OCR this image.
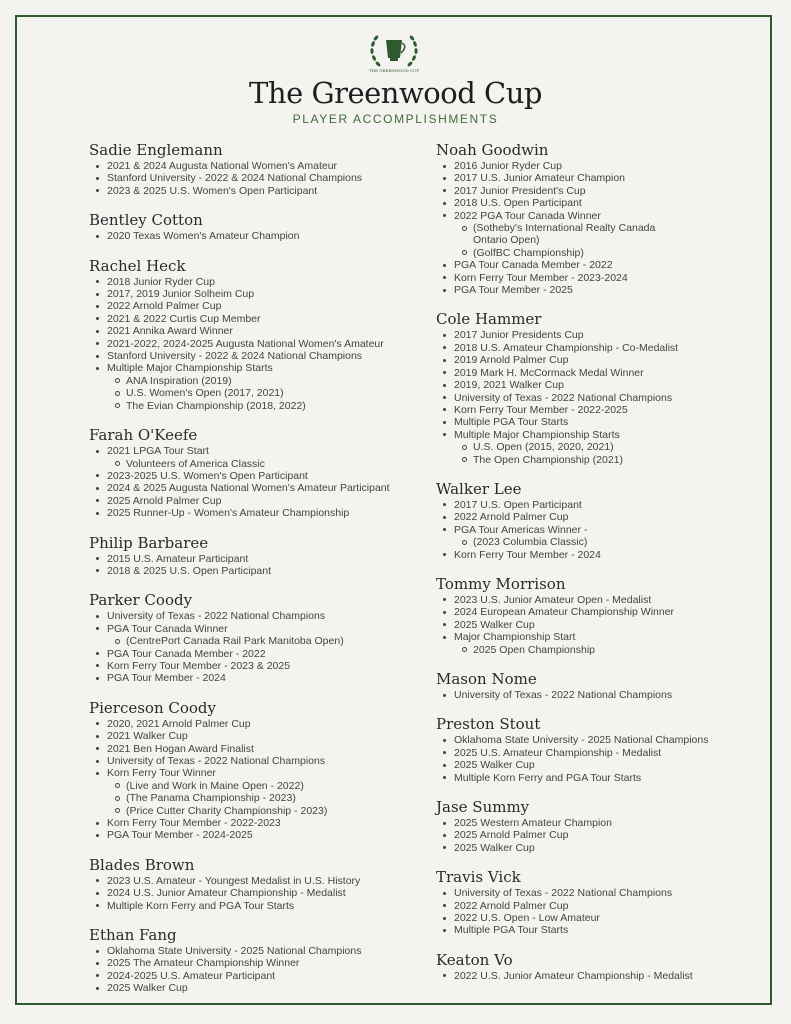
THE GREENWOOD CUP
The Greenwood Cup
PLAYER ACCOMPLISHMENTS
Sadie Englemann
2021 & 2024 Augusta National Women's Amateur
Stanford University - 2022 & 2024 National Champions
2023 & 2025 U.S. Women's Open Participant
Bentley Cotton
2020 Texas Women's Amateur Champion
Rachel Heck
2018 Junior Ryder Cup
2017, 2019 Junior Solheim Cup
2022 Arnold Palmer Cup
2021 & 2022 Curtis Cup Member
2021 Annika Award Winner
2021-2022, 2024-2025 Augusta National Women's Amateur
Stanford University - 2022 & 2024 National Champions
Multiple Major Championship Starts
ANA Inspiration (2019)
U.S. Women's Open (2017, 2021)
The Evian Championship (2018, 2022)
Farah O'Keefe
2021 LPGA Tour Start
Volunteers of America Classic
2023-2025 U.S. Women's Open Participant
2024 & 2025 Augusta National Women's Amateur Participant
2025 Arnold Palmer Cup
2025 Runner-Up - Women's Amateur Championship
Philip Barbaree
2015 U.S. Amateur Participant
2018 & 2025 U.S. Open Participant
Parker Coody
University of Texas - 2022 National Champions
PGA Tour Canada Winner
(CentrePort Canada Rail Park Manitoba Open)
PGA Tour Canada Member - 2022
Korn Ferry Tour Member - 2023 & 2025
PGA Tour Member - 2024
Pierceson Coody
2020, 2021 Arnold Palmer Cup
2021 Walker Cup
2021 Ben Hogan Award Finalist
University of Texas - 2022 National Champions
Korn Ferry Tour Winner
(Live and Work in Maine Open - 2022)
(The Panama Championship - 2023)
(Price Cutter Charity Championship - 2023)
Korn Ferry Tour Member - 2022-2023
PGA Tour Member - 2024-2025
Blades Brown
2023 U.S. Amateur - Youngest Medalist in U.S. History
2024 U.S. Junior Amateur Championship - Medalist
Multiple Korn Ferry and PGA Tour Starts
Ethan Fang
Oklahoma State University - 2025 National Champions
2025 The Amateur Championship Winner
2024-2025 U.S. Amateur Participant
2025 Walker Cup
Noah Goodwin
2016 Junior Ryder Cup
2017 U.S. Junior Amateur Champion
2017 Junior President's Cup
2018 U.S. Open Participant
2022 PGA Tour Canada Winner
(Sotheby's International Realty Canada
Ontario Open)
(GolfBC Championship)
PGA Tour Canada Member - 2022
Korn Ferry Tour Member - 2023-2024
PGA Tour Member - 2025
Cole Hammer
2017 Junior Presidents Cup
2018 U.S. Amateur Championship - Co-Medalist
2019 Arnold Palmer Cup
2019 Mark H. McCormack Medal Winner
2019, 2021 Walker Cup
University of Texas - 2022 National Champions
Korn Ferry Tour Member - 2022-2025
Multiple PGA Tour Starts
Multiple Major Championship Starts
U.S. Open (2015, 2020, 2021)
The Open Championship (2021)
Walker Lee
2017 U.S. Open Participant
2022 Arnold Palmer Cup
PGA Tour Americas Winner -
(2023 Columbia Classic)
Korn Ferry Tour Member - 2024
Tommy Morrison
2023 U.S. Junior Amateur Open - Medalist
2024 European Amateur Championship Winner
2025 Walker Cup
Major Championship Start
2025 Open Championship
Mason Nome
University of Texas - 2022 National Champions
Preston Stout
Oklahoma State University - 2025 National Champions
2025 U.S. Amateur Championship - Medalist
2025 Walker Cup
Multiple Korn Ferry and PGA Tour Starts
Jase Summy
2025 Western Amateur Champion
2025 Arnold Palmer Cup
2025 Walker Cup
Travis Vick
University of Texas - 2022 National Champions
2022 Arnold Palmer Cup
2022 U.S. Open - Low Amateur
Multiple PGA Tour Starts
Keaton Vo
2022 U.S. Junior Amateur Championship - Medalist
